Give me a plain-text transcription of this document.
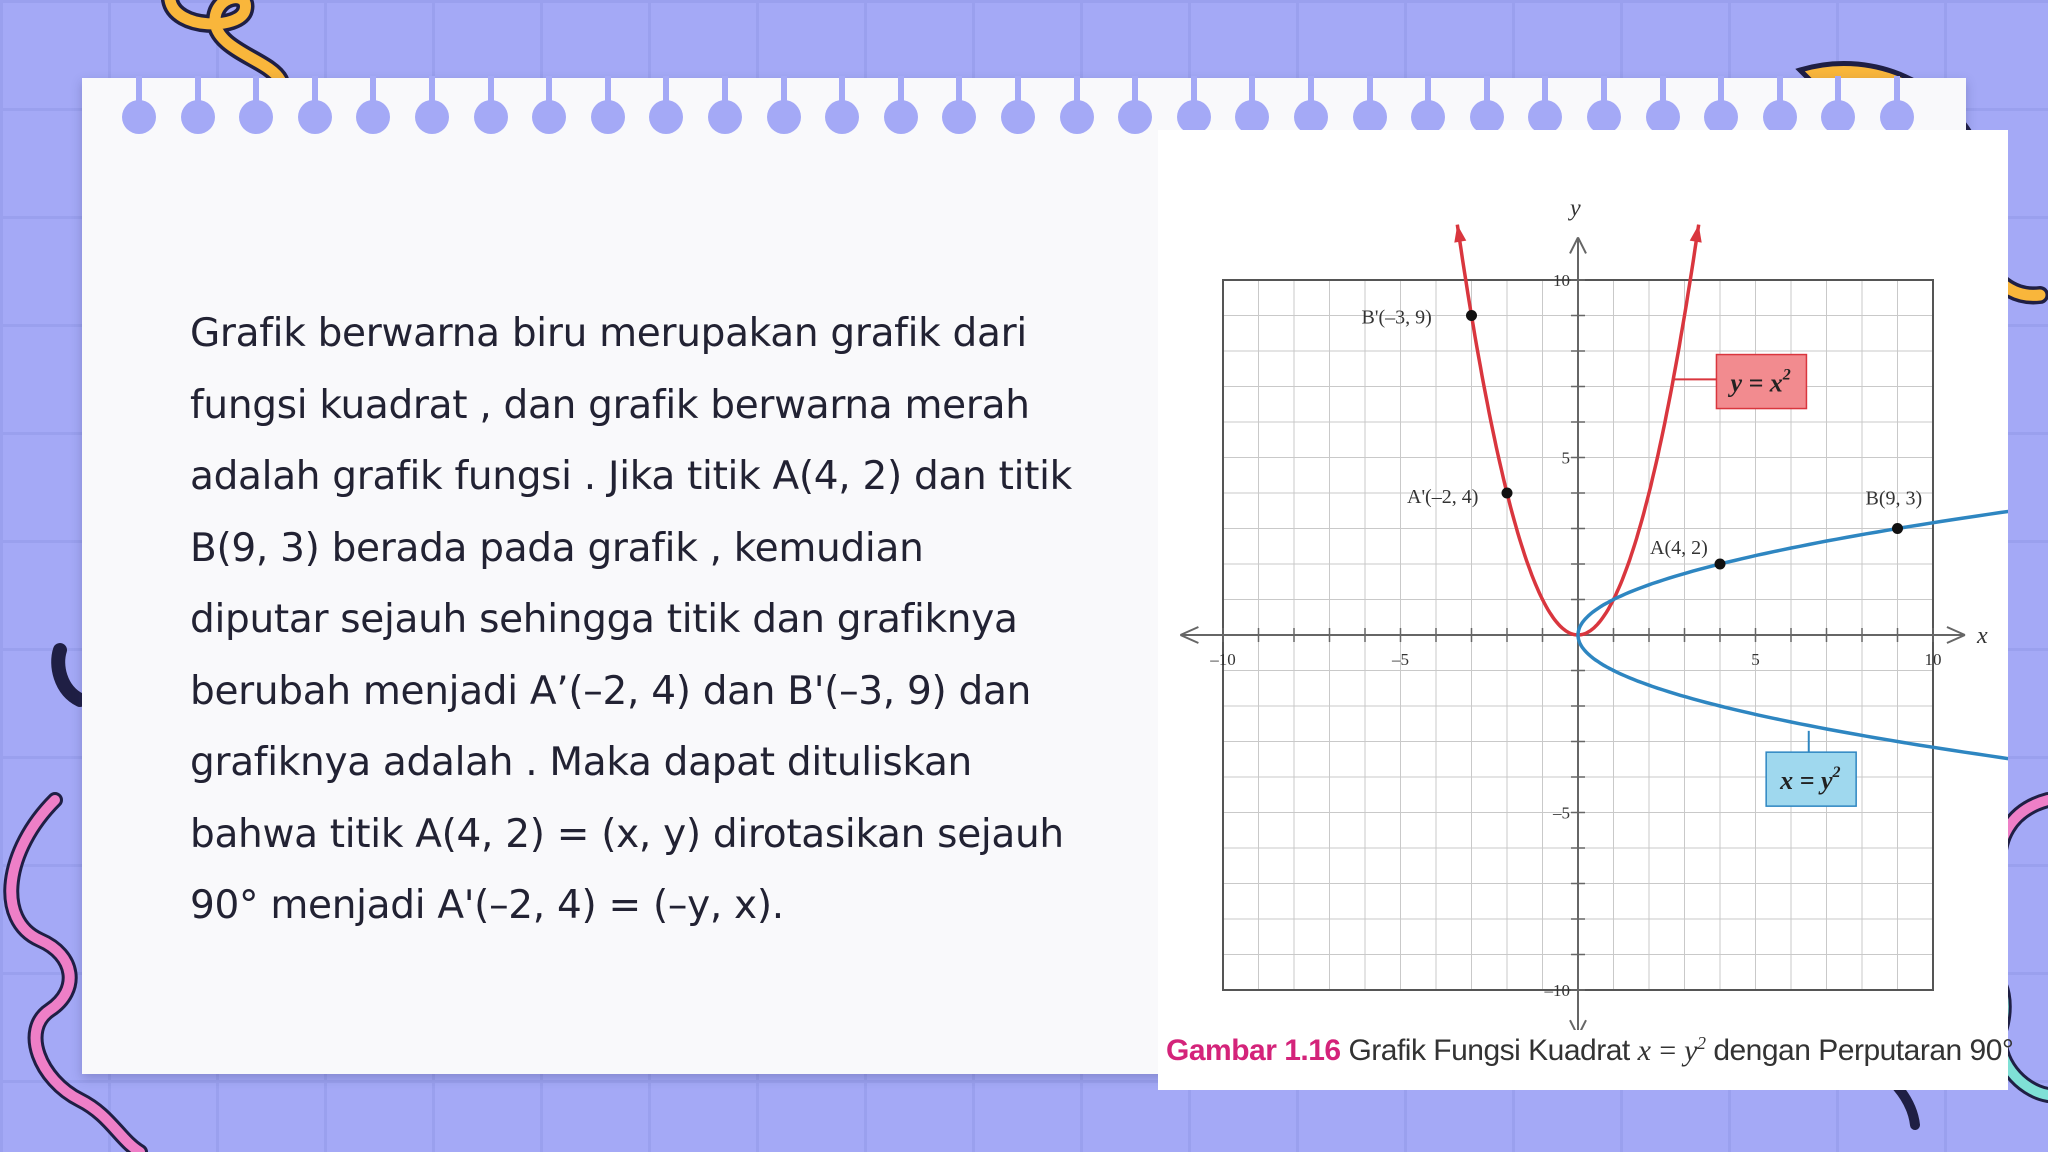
Grafik berwarna biru merupakan grafik dari
fungsi kuadrat , dan grafik berwarna merah
adalah grafik fungsi . Jika titik A(4, 2) dan titik
B(9, 3) berada pada grafik , kemudian
diputar sejauh sehingga titik dan grafiknya
berubah menjadi A’(–2, 4) dan B'(–3, 9) dan
grafiknya adalah . Maka dapat dituliskan
bahwa titik A(4, 2) = (x, y) dirotasikan sejauh
90° menjadi A'(–2, 4) = (–y, x).
x
y
–10	–5	5	10
10
5
–5
–10
B'(–3, 9)
A'(–2, 4)
A(4, 2)
B(9, 3)
$y = x^2$
$x = y^2$
Gambar 1.16 Grafik Fungsi Kuadrat $x = y^2$ dengan Perputaran 90°
